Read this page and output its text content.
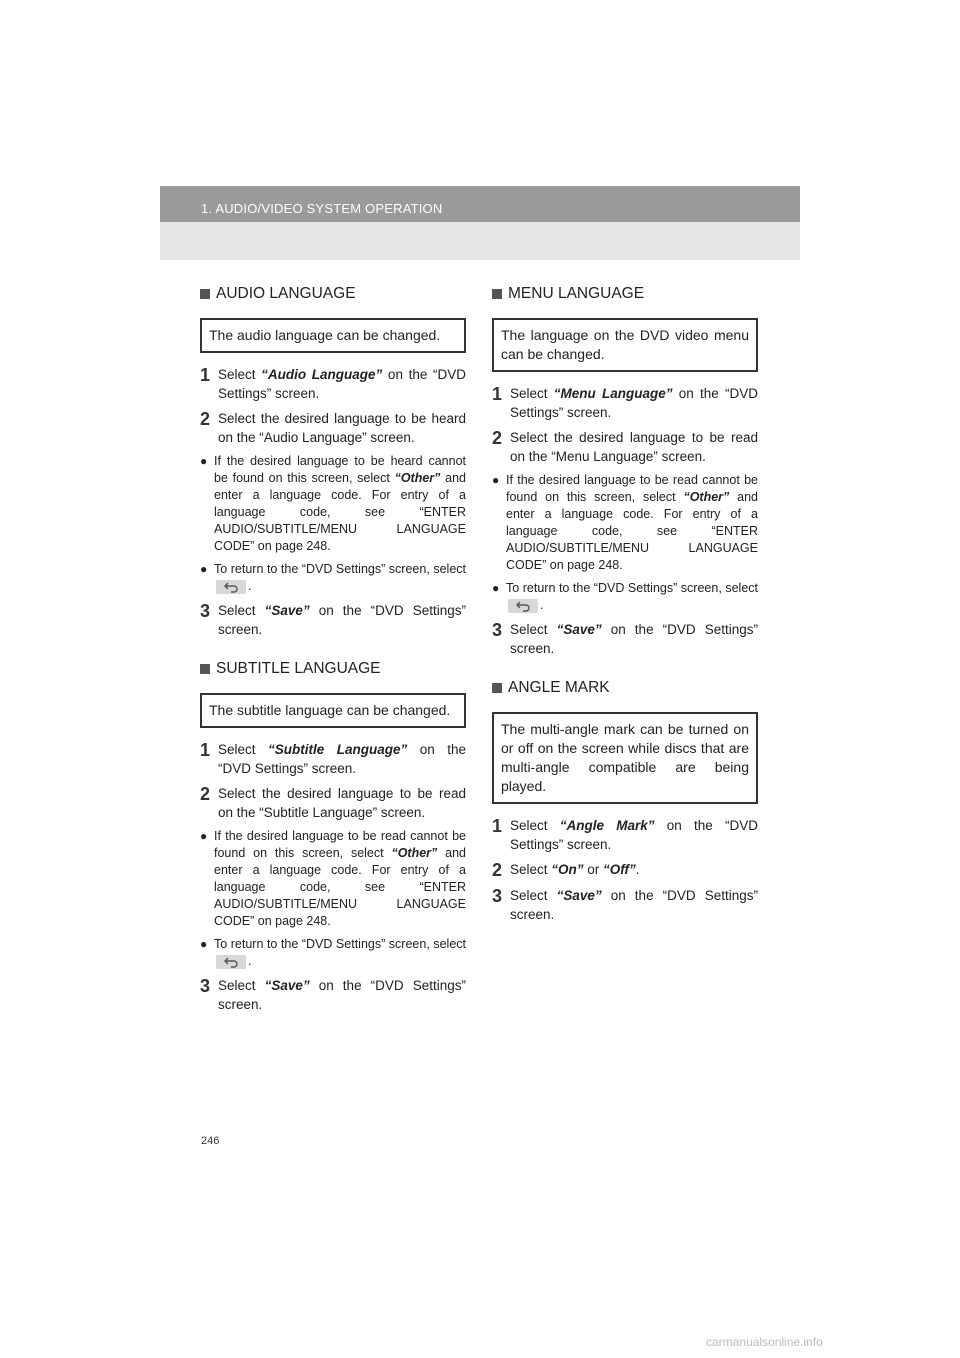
1. AUDIO/VIDEO SYSTEM OPERATION
AUDIO LANGUAGE
The audio language can be changed.
1 Select “Audio Language” on the “DVD Settings” screen.
2 Select the desired language to be heard on the “Audio Language” screen.
● If the desired language to be heard cannot be found on this screen, select “Other” and enter a language code. For entry of a language code, see “ENTER AUDIO/SUBTITLE/MENU LANGUAGE CODE” on page 248.
● To return to the “DVD Settings” screen, select
.
3 Select “Save” on the “DVD Settings” screen.
SUBTITLE LANGUAGE
The subtitle language can be changed.
1 Select “Subtitle Language” on the “DVD Settings” screen.
2 Select the desired language to be read on the “Subtitle Language” screen.
● If the desired language to be read cannot be found on this screen, select “Other” and enter a language code. For entry of a language code, see “ENTER AUDIO/SUBTITLE/MENU LANGUAGE CODE” on page 248.
● To return to the “DVD Settings” screen, select
.
3 Select “Save” on the “DVD Settings” screen.
MENU LANGUAGE
The language on the DVD video menu can be changed.
1 Select “Menu Language” on the “DVD Settings” screen.
2 Select the desired language to be read on the “Menu Language” screen.
● If the desired language to be read cannot be found on this screen, select “Other” and enter a language code. For entry of a language code, see “ENTER AUDIO/SUBTITLE/MENU LANGUAGE CODE” on page 248.
● To return to the “DVD Settings” screen, select
.
3 Select “Save” on the “DVD Settings” screen.
ANGLE MARK
The multi-angle mark can be turned on or off on the screen while discs that are multi-angle compatible are being played.
1 Select “Angle Mark” on the “DVD Settings” screen.
2 Select “On” or “Off”.
3 Select “Save” on the “DVD Settings” screen.
246
carmanualsonline.info
